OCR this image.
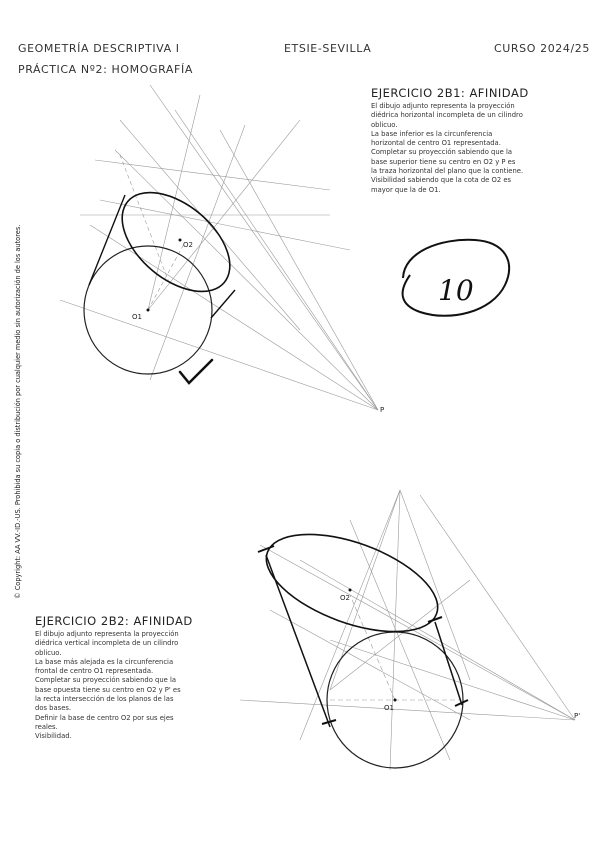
GEOMETRÍA DESCRIPTIVA I	ETSIE-SEVILLA	CURSO 2024/25
PRÁCTICA Nº2: HOMOGRAFÍA
EJERCICIO 2B1: AFINIDAD

El dibujo adjunto representa la proyección

diédrica horizontal incompleta de un cilindro

oblicuo.

La base inferior es la circunferencia

horizontal de centro O1 representada.

Completar su proyección sabiendo que la

base superior tiene su centro en O2 y P es

la traza horizontal del plano que la contiene.

Visibilidad sabiendo que la cota de O2 es

mayor que la de O1.

EJERCICIO 2B2: AFINIDAD

El dibujo adjunto representa la proyección

diédrica vertical incompleta de un cilindro

oblicuo.

La base más alejada es la circunferencia

frontal de centro O1 representada.

Completar su proyección sabiendo que la

base opuesta tiene su centro en O2 y P' es

la recta intersección de los planos de las

dos bases.

Definir la base de centro O2 por sus ejes

reales.

Visibilidad.

© Copyright: AA VV.-ID.-US. Prohibida su copia o distribución por cualquier medio sin autorización de los autores.	O1
O2
P
10
O1
O2
P'
